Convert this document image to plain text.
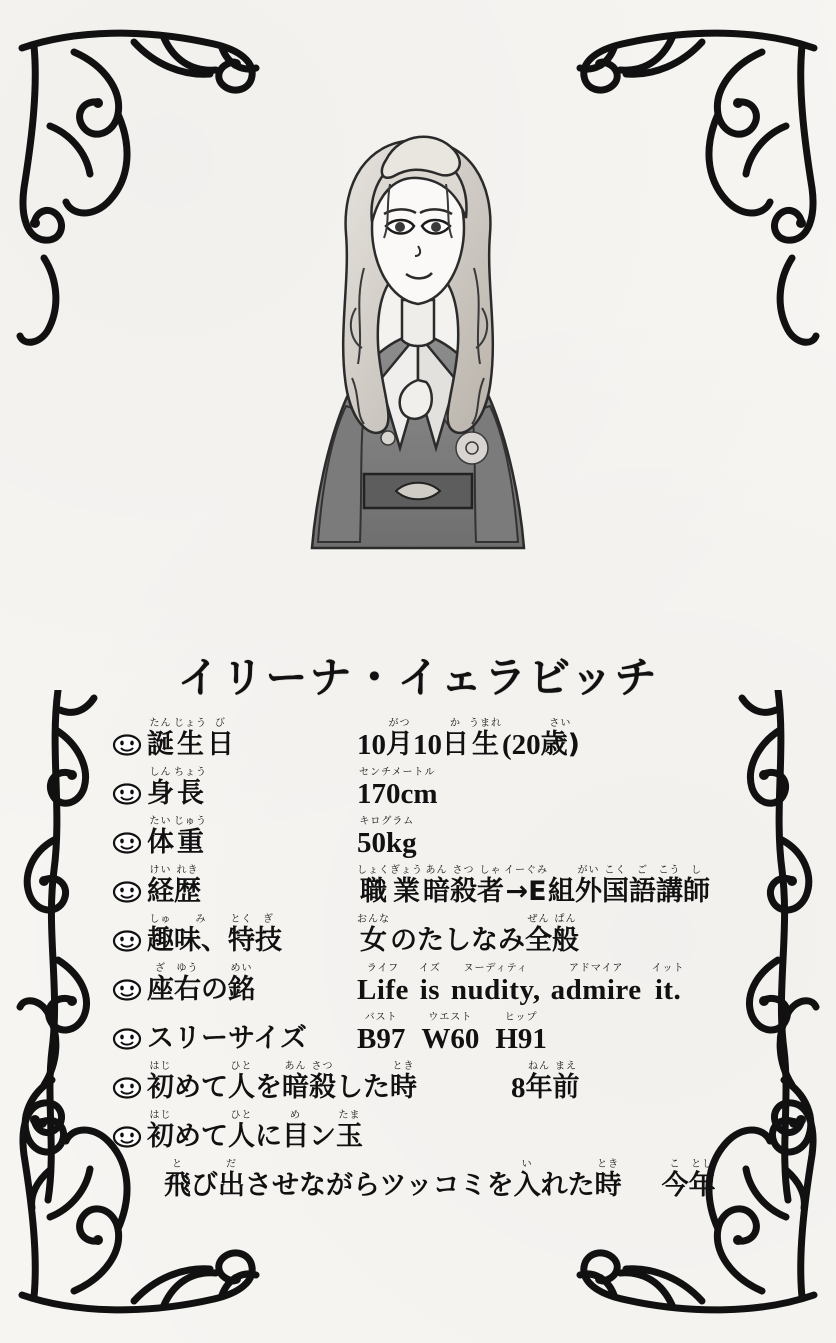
イリーナ・イェラビッチ
たん
誕
じょう
生
び
日	10
がつ
月 10
か
日
うまれ
生 (20
さい
歳)
しん
身
ちょう
長
センチメートル
170cm
たい
体
じゅう
重
キログラム
50kg
けい
経
れき
歴
しょく
職
ぎょう
業
あん
暗
さつ
殺
しゃ
者
イーぐみ
→E 組
がい
外
こく
国
ご
語
こう
講
し
師
しゅ
趣
み
味、
とく
特
ぎ
技
おんな
女 のたしなみ
ぜん
全
ぱん
般
ざ
座
ゆう
右 の
めい
銘
ライフ
Life
イズ
is
ヌーディティ
nudity,
アドマイア
admire
イット
it.
スリーサイズ
バスト
B97
ウエスト
W60
ヒップ
H91
はじ
初 めて
ひと
人 を
あん
暗
さつ
殺 した
とき
時	8
ねん
年
まえ
前
はじ
初 めて
ひと
人 に
め
目 ン
たま
玉
と
飛 び
だ
出 させながらツッコミを
い
入 れた
とき
時
こ
今
とし
年
